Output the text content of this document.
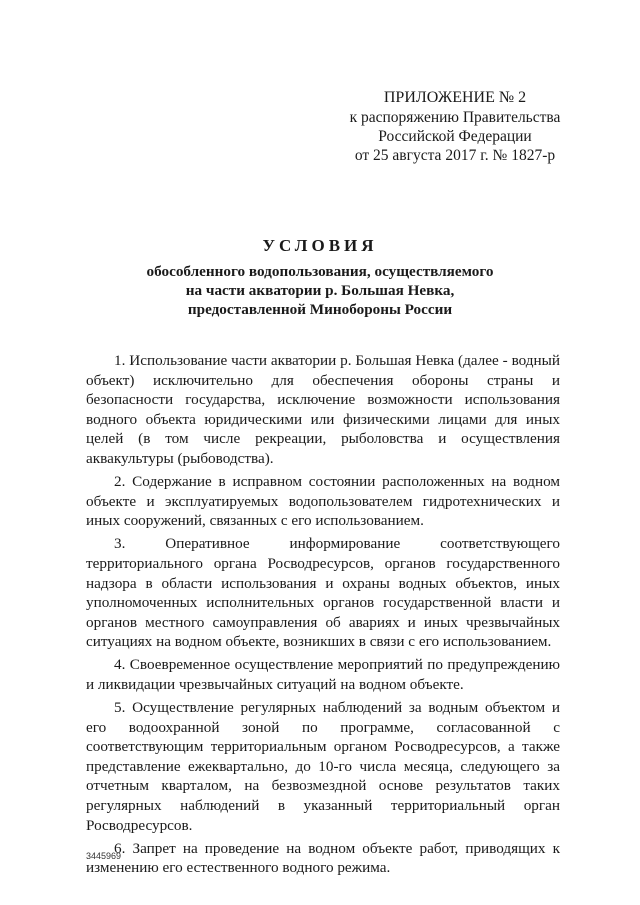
ПРИЛОЖЕНИЕ № 2
к распоряжению Правительства
Российской Федерации
от 25 августа 2017 г. № 1827-р
УСЛОВИЯ
обособленного водопользования, осуществляемого
на части акватории р. Большая Невка,
предоставленной Минобороны России

1. Использование части акватории р. Большая Невка (далее - водный объект) исключительно для обеспечения обороны страны и безопасности государства, исключение возможности использования водного объекта юридическими или физическими лицами для иных целей (в том числе рекреации, рыболовства и осуществления аквакультуры (рыбоводства).

2. Содержание в исправном состоянии расположенных на водном объекте и эксплуатируемых водопользователем гидротехнических и иных сооружений, связанных с его использованием.

3. Оперативное информирование соответствующего территориального органа Росводресурсов, органов государственного надзора в области использования и охраны водных объектов, иных уполномоченных исполнительных органов государственной власти и органов местного самоуправления об авариях и иных чрезвычайных ситуациях на водном объекте, возникших в связи с его использованием.

4. Своевременное осуществление мероприятий по предупреждению и ликвидации чрезвычайных ситуаций на водном объекте.

5. Осуществление регулярных наблюдений за водным объектом и его водоохранной зоной по программе, согласованной с соответствующим территориальным органом Росводресурсов, а также представление ежеквартально, до 10-го числа месяца, следующего за отчетным кварталом, на безвозмездной основе результатов таких регулярных наблюдений в указанный территориальный орган Росводресурсов.

6. Запрет на проведение на водном объекте работ, приводящих к изменению его естественного водного режима.

3445969
